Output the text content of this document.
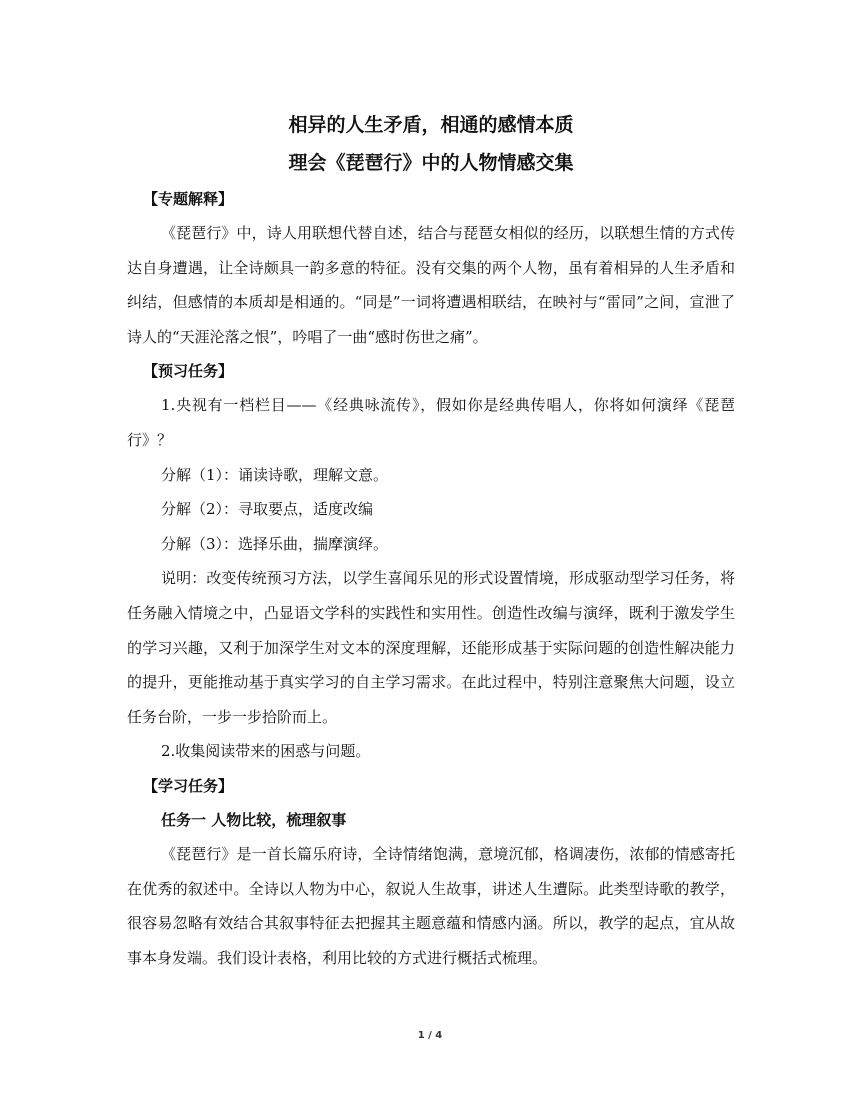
相异的人生矛盾，相通的感情本质
理会《琵琶行》中的人物情感交集
【专题解释】

《琵琶行》中，诗人用联想代替自述，结合与琵琶女相似的经历，以联想生情的方式传达自身遭遇，让全诗颇具一韵多意的特征。没有交集的两个人物，虽有着相异的人生矛盾和纠结，但感情的本质却是相通的。“同是”一词将遭遇相联结，在映衬与“雷同”之间，宣泄了诗人的“天涯沦落之恨”，吟唱了一曲“感时伤世之痛”。

【预习任务】

1.央视有一档栏目——《经典咏流传》，假如你是经典传唱人，你将如何演绎《琵琶行》？

分解（1）：诵读诗歌，理解文意。
分解（2）：寻取要点，适度改编
分解（3）：选择乐曲，揣摩演绎。

说明：改变传统预习方法，以学生喜闻乐见的形式设置情境，形成驱动型学习任务，将任务融入情境之中，凸显语文学科的实践性和实用性。创造性改编与演绎，既利于激发学生的学习兴趣，又利于加深学生对文本的深度理解，还能形成基于实际问题的创造性解决能力的提升，更能推动基于真实学习的自主学习需求。在此过程中，特别注意聚焦大问题，设立任务台阶，一步一步拾阶而上。

2.收集阅读带来的困惑与问题。
【学习任务】
任务一 人物比较，梳理叙事

《琵琶行》是一首长篇乐府诗，全诗情绪饱满，意境沉郁，格调凄伤，浓郁的情感寄托在优秀的叙述中。全诗以人物为中心，叙说人生故事，讲述人生遭际。此类型诗歌的教学，很容易忽略有效结合其叙事特征去把握其主题意蕴和情感内涵。所以，教学的起点，宜从故事本身发端。我们设计表格，利用比较的方式进行概括式梳理。

1 / 4
